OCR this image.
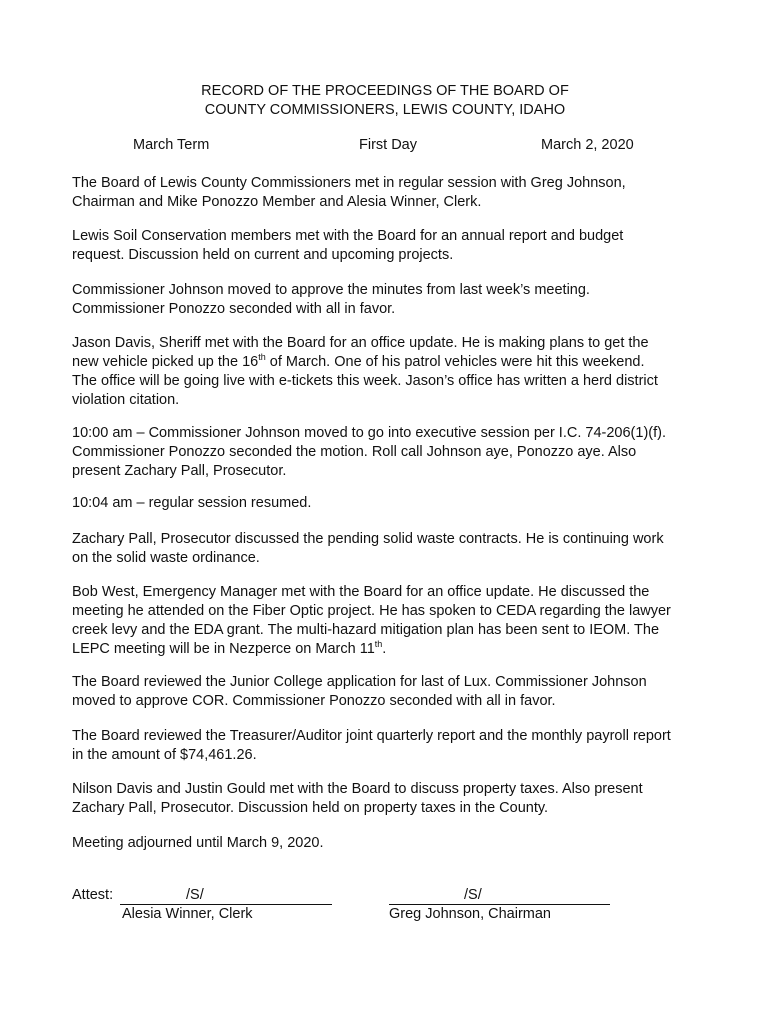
RECORD OF THE PROCEEDINGS OF THE BOARD OF
COUNTY COMMISSIONERS, LEWIS COUNTY, IDAHO
March Term	First Day	March 2, 2020
The Board of Lewis County Commissioners met in regular session with Greg Johnson,
Chairman and Mike Ponozzo Member and Alesia Winner, Clerk.
Lewis Soil Conservation members met with the Board for an annual report and budget
request. Discussion held on current and upcoming projects.
Commissioner Johnson moved to approve the minutes from last week’s meeting.
Commissioner Ponozzo seconded with all in favor.
Jason Davis, Sheriff met with the Board for an office update. He is making plans to get the
new vehicle picked up the 16th of March. One of his patrol vehicles were hit this weekend.
The office will be going live with e-tickets this week. Jason’s office has written a herd district
violation citation.
10:00 am – Commissioner Johnson moved to go into executive session per I.C. 74-206(1)(f).
Commissioner Ponozzo seconded the motion. Roll call Johnson aye, Ponozzo aye. Also
present Zachary Pall, Prosecutor.
10:04 am – regular session resumed.
Zachary Pall, Prosecutor discussed the pending solid waste contracts. He is continuing work
on the solid waste ordinance.
Bob West, Emergency Manager met with the Board for an office update. He discussed the
meeting he attended on the Fiber Optic project. He has spoken to CEDA regarding the lawyer
creek levy and the EDA grant. The multi-hazard mitigation plan has been sent to IEOM. The
LEPC meeting will be in Nezperce on March 11th.
The Board reviewed the Junior College application for last of Lux. Commissioner Johnson
moved to approve COR. Commissioner Ponozzo seconded with all in favor.
The Board reviewed the Treasurer/Auditor joint quarterly report and the monthly payroll report
in the amount of $74,461.26.
Nilson Davis and Justin Gould met with the Board to discuss property taxes. Also present
Zachary Pall, Prosecutor. Discussion held on property taxes in the County.
Meeting adjourned until March 9, 2020.
Attest:	/S/
Alesia Winner, Clerk
/S/
Greg Johnson, Chairman
